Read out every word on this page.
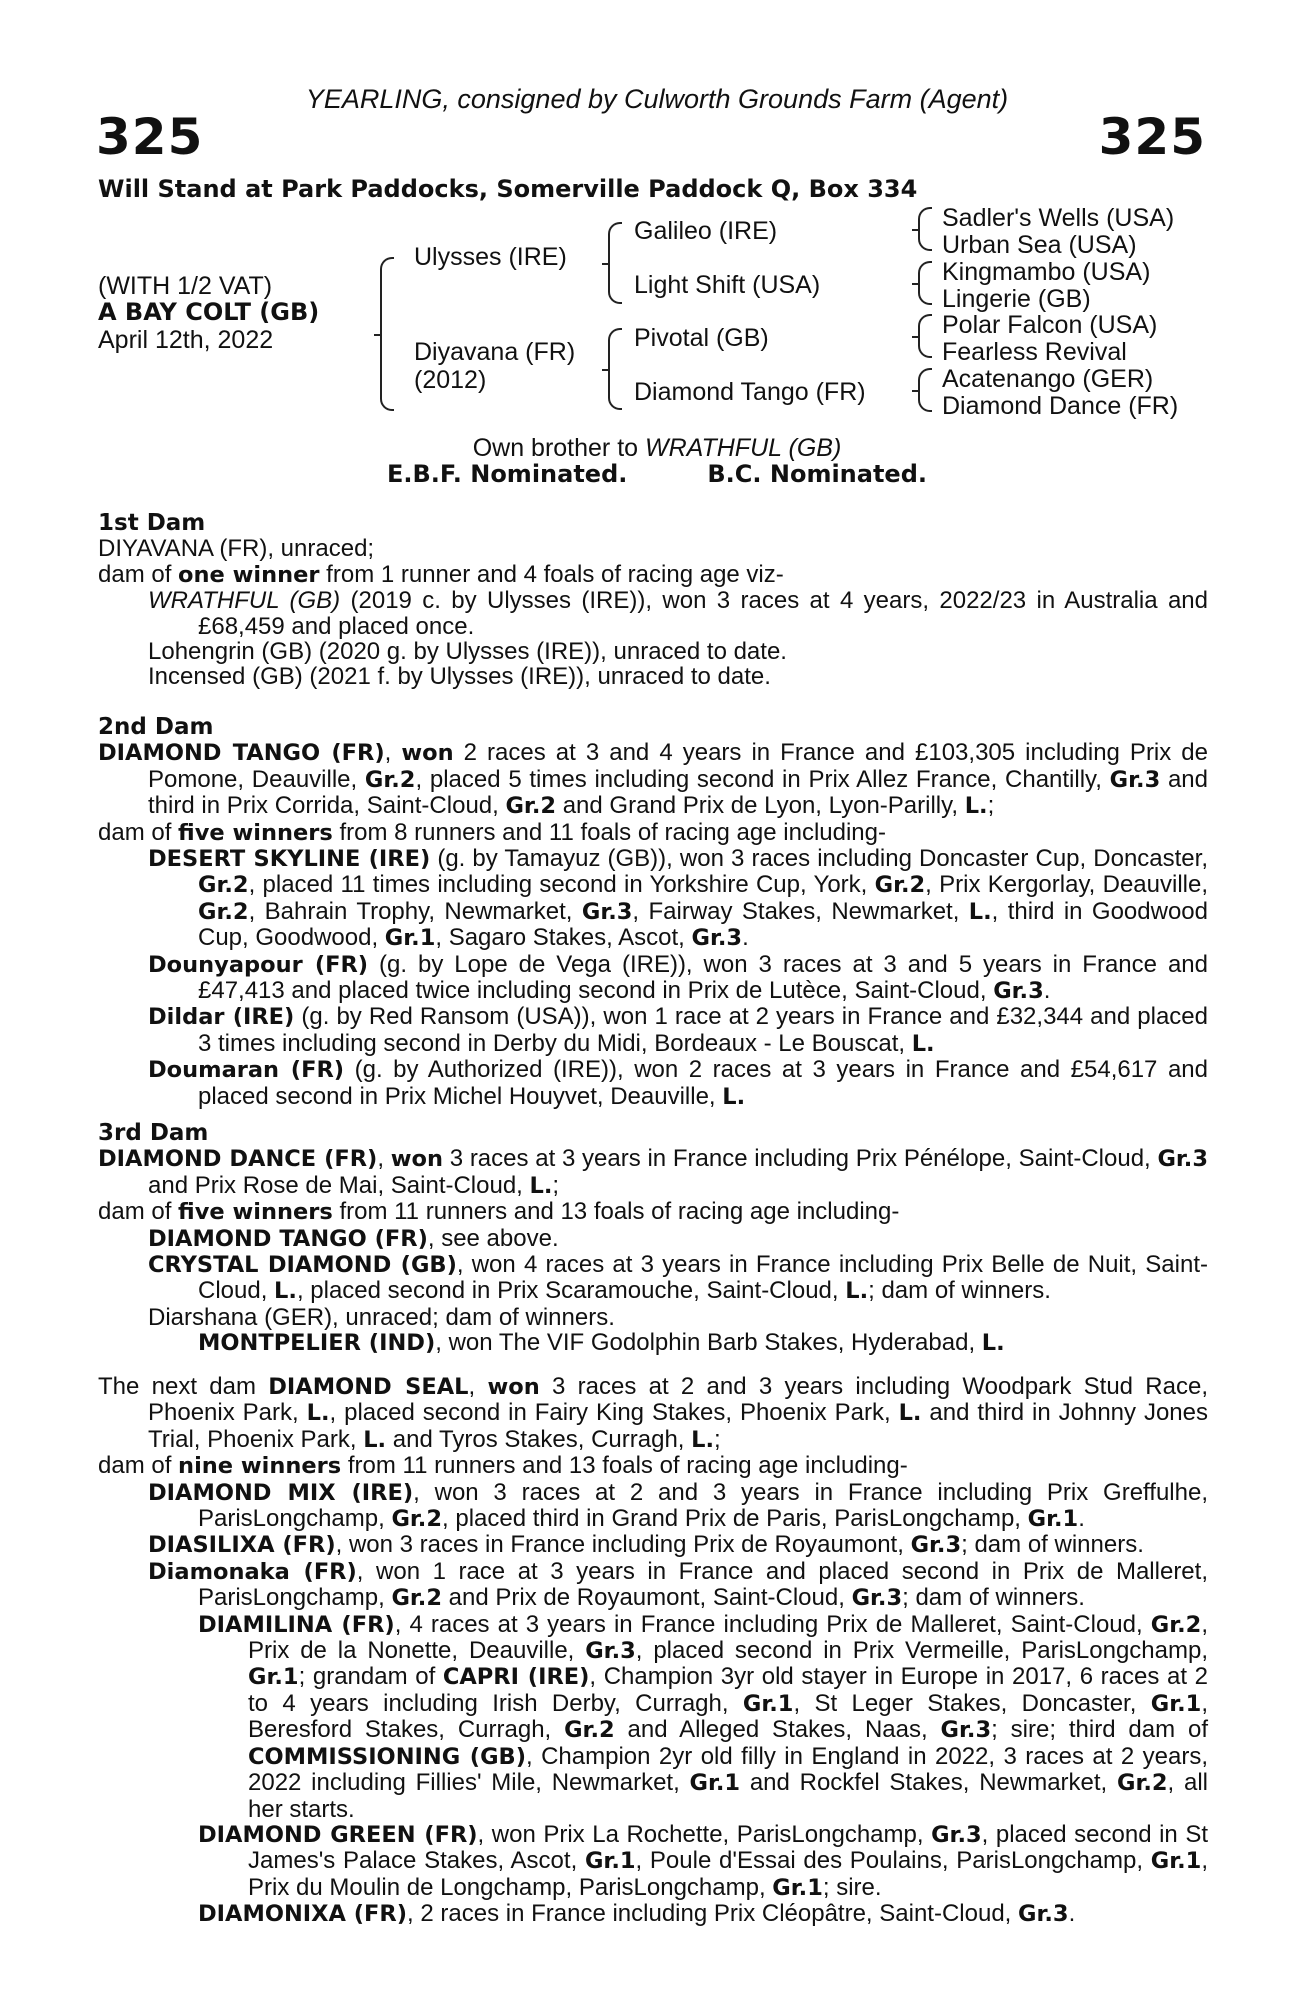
YEARLING, consigned by Culworth Grounds Farm (Agent)
325	325
Will Stand at Park Paddocks, Somerville Paddock Q, Box 334
(WITH 1/2 VAT)
A BAY COLT (GB)
April 12th, 2022
Ulysses (IRE)
Diyavana (FR)
(2012)
Galileo (IRE)
Light Shift (USA)
Pivotal (GB)
Diamond Tango (FR)
Sadler's Wells (USA)
Urban Sea (USA)
Kingmambo (USA)
Lingerie (GB)
Polar Falcon (USA)
Fearless Revival
Acatenango (GER)
Diamond Dance (FR)
Own brother to WRATHFUL (GB)
E.B.F. Nominated.	B.C. Nominated.
1st Dam
DIYAVANA (FR), unraced;
dam of one winner from 1 runner and 4 foals of racing age viz-
WRATHFUL (GB) (2019 c. by Ulysses (IRE)), won 3 races at 4 years, 2022/23 in Australia and £68,459 and placed once.
Lohengrin (GB) (2020 g. by Ulysses (IRE)), unraced to date.
Incensed (GB) (2021 f. by Ulysses (IRE)), unraced to date.
2nd Dam
DIAMOND TANGO (FR), won 2 races at 3 and 4 years in France and £103,305 including Prix de Pomone, Deauville, Gr.2, placed 5 times including second in Prix Allez France, Chantilly, Gr.3 and third in Prix Corrida, Saint-Cloud, Gr.2 and Grand Prix de Lyon, Lyon-Parilly, L.;
dam of five winners from 8 runners and 11 foals of racing age including-
DESERT SKYLINE (IRE) (g. by Tamayuz (GB)), won 3 races including Doncaster Cup, Doncaster, Gr.2, placed 11 times including second in Yorkshire Cup, York, Gr.2, Prix Kergorlay, Deauville, Gr.2, Bahrain Trophy, Newmarket, Gr.3, Fairway Stakes, Newmarket, L., third in Goodwood Cup, Goodwood, Gr.1, Sagaro Stakes, Ascot, Gr.3.
Dounyapour (FR) (g. by Lope de Vega (IRE)), won 3 races at 3 and 5 years in France and £47,413 and placed twice including second in Prix de Lutèce, Saint-Cloud, Gr.3.
Dildar (IRE) (g. by Red Ransom (USA)), won 1 race at 2 years in France and £32,344 and placed 3 times including second in Derby du Midi, Bordeaux - Le Bouscat, L.
Doumaran (FR) (g. by Authorized (IRE)), won 2 races at 3 years in France and £54,617 and placed second in Prix Michel Houyvet, Deauville, L.
3rd Dam
DIAMOND DANCE (FR), won 3 races at 3 years in France including Prix Pénélope, Saint-Cloud, Gr.3 and Prix Rose de Mai, Saint-Cloud, L.;
dam of five winners from 11 runners and 13 foals of racing age including-
DIAMOND TANGO (FR), see above.
CRYSTAL DIAMOND (GB), won 4 races at 3 years in France including Prix Belle de Nuit, Saint-Cloud, L., placed second in Prix Scaramouche, Saint-Cloud, L.; dam of winners.
Diarshana (GER), unraced; dam of winners.
MONTPELIER (IND), won The VIF Godolphin Barb Stakes, Hyderabad, L.
The next dam DIAMOND SEAL, won 3 races at 2 and 3 years including Woodpark Stud Race, Phoenix Park, L., placed second in Fairy King Stakes, Phoenix Park, L. and third in Johnny Jones Trial, Phoenix Park, L. and Tyros Stakes, Curragh, L.;
dam of nine winners from 11 runners and 13 foals of racing age including-
DIAMOND MIX (IRE), won 3 races at 2 and 3 years in France including Prix Greffulhe, ParisLongchamp, Gr.2, placed third in Grand Prix de Paris, ParisLongchamp, Gr.1.
DIASILIXA (FR), won 3 races in France including Prix de Royaumont, Gr.3; dam of winners.
Diamonaka (FR), won 1 race at 3 years in France and placed second in Prix de Malleret, ParisLongchamp, Gr.2 and Prix de Royaumont, Saint-Cloud, Gr.3; dam of winners.
DIAMILINA (FR), 4 races at 3 years in France including Prix de Malleret, Saint-Cloud, Gr.2, Prix de la Nonette, Deauville, Gr.3, placed second in Prix Vermeille, ParisLongchamp, Gr.1; grandam of CAPRI (IRE), Champion 3yr old stayer in Europe in 2017, 6 races at 2 to 4 years including Irish Derby, Curragh, Gr.1, St Leger Stakes, Doncaster, Gr.1, Beresford Stakes, Curragh, Gr.2 and Alleged Stakes, Naas, Gr.3; sire; third dam of COMMISSIONING (GB), Champion 2yr old filly in England in 2022, 3 races at 2 years, 2022 including Fillies' Mile, Newmarket, Gr.1 and Rockfel Stakes, Newmarket, Gr.2, all her starts.
DIAMOND GREEN (FR), won Prix La Rochette, ParisLongchamp, Gr.3, placed second in St James's Palace Stakes, Ascot, Gr.1, Poule d'Essai des Poulains, ParisLongchamp, Gr.1, Prix du Moulin de Longchamp, ParisLongchamp, Gr.1; sire.
DIAMONIXA (FR), 2 races in France including Prix Cléopâtre, Saint-Cloud, Gr.3.
